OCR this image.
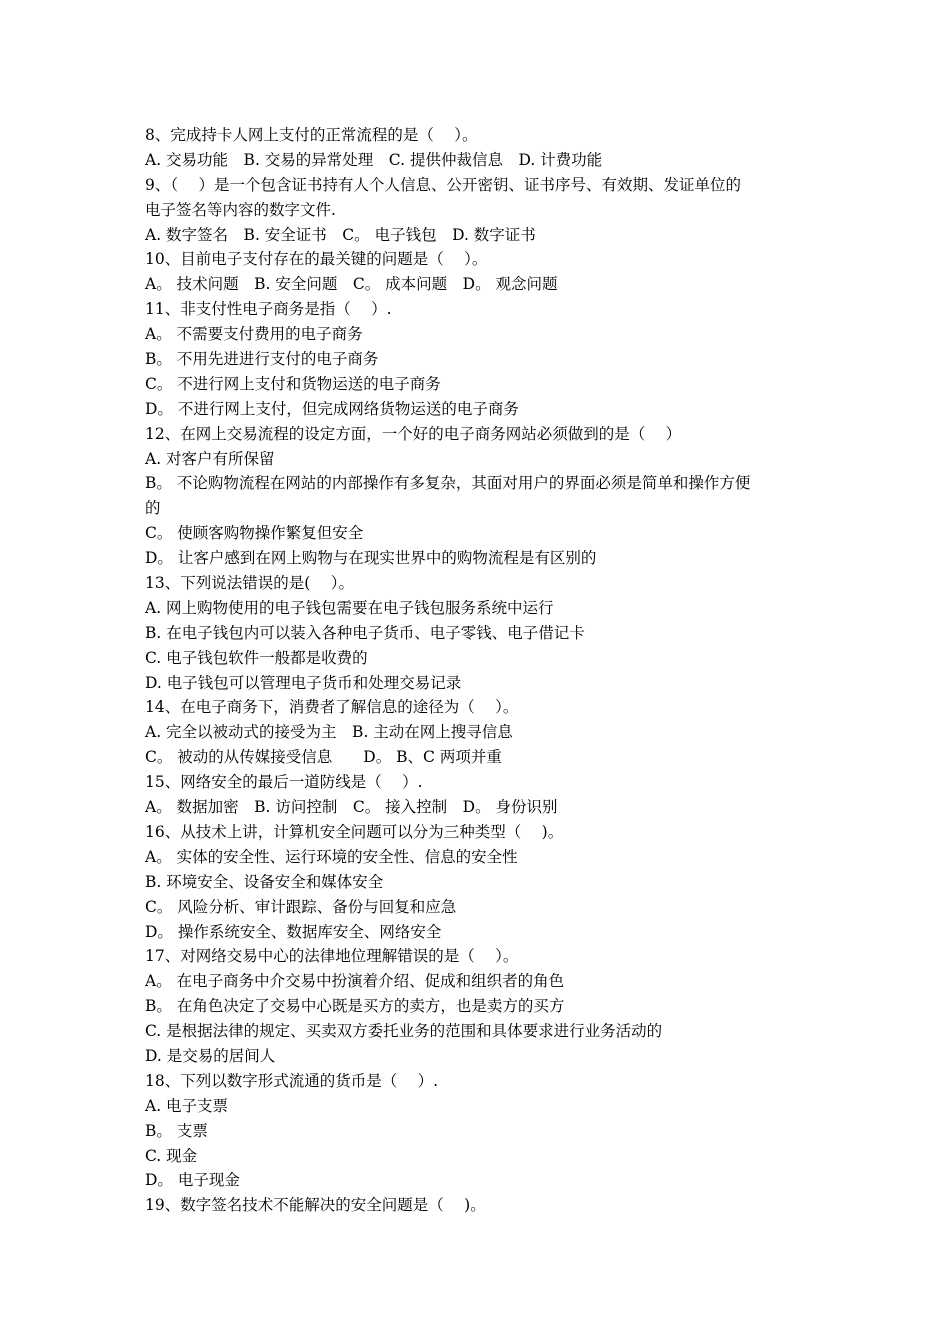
8、完成持卡人网上支付的正常流程的是（　 ）。
A. 交易功能　B. 交易的异常处理　C. 提供仲裁信息　D. 计费功能
9、（　 ）是一个包含证书持有人个人信息、公开密钥、证书序号、有效期、发证单位的
电子签名等内容的数字文件.
A. 数字签名　B. 安全证书　C。 电子钱包　D. 数字证书
10、目前电子支付存在的最关键的问题是（　 ）。
A。 技术问题　B. 安全问题　C。 成本问题　D。 观念问题
11、非支付性电子商务是指（　 ）.
A。 不需要支付费用的电子商务
B。 不用先进进行支付的电子商务
C。 不进行网上支付和货物运送的电子商务
D。 不进行网上支付，但完成网络货物运送的电子商务
12、在网上交易流程的设定方面，一个好的电子商务网站必须做到的是（　 ）
A. 对客户有所保留
B。 不论购物流程在网站的内部操作有多复杂，其面对用户的界面必须是简单和操作方便
的
C。 使顾客购物操作繁复但安全
D。 让客户感到在网上购物与在现实世界中的购物流程是有区别的
13、下列说法错误的是(　 ）。
A. 网上购物使用的电子钱包需要在电子钱包服务系统中运行
B. 在电子钱包内可以装入各种电子货币、电子零钱、电子借记卡
C. 电子钱包软件一般都是收费的
D. 电子钱包可以管理电子货币和处理交易记录
14、在电子商务下，消费者了解信息的途径为（　 ）。
A. 完全以被动式的接受为主　B. 主动在网上搜寻信息
C。 被动的从传媒接受信息　　D。 B、C 两项并重
15、网络安全的最后一道防线是（　 ）.
A。 数据加密　B. 访问控制　C。 接入控制　D。 身份识别
16、从技术上讲，计算机安全问题可以分为三种类型（　 )。
A。 实体的安全性、运行环境的安全性、信息的安全性
B. 环境安全、设备安全和媒体安全
C。 风险分析、审计跟踪、备份与回复和应急
D。 操作系统安全、数据库安全、网络安全
17、对网络交易中心的法律地位理解错误的是（　 ）。
A。 在电子商务中介交易中扮演着介绍、促成和组织者的角色
B。 在角色决定了交易中心既是买方的卖方，也是卖方的买方
C. 是根据法律的规定、买卖双方委托业务的范围和具体要求进行业务活动的
D. 是交易的居间人
18、下列以数字形式流通的货币是（　 ）.
A. 电子支票
B。 支票
C. 现金
D。 电子现金
19、数字签名技术不能解决的安全问题是（　 )。
